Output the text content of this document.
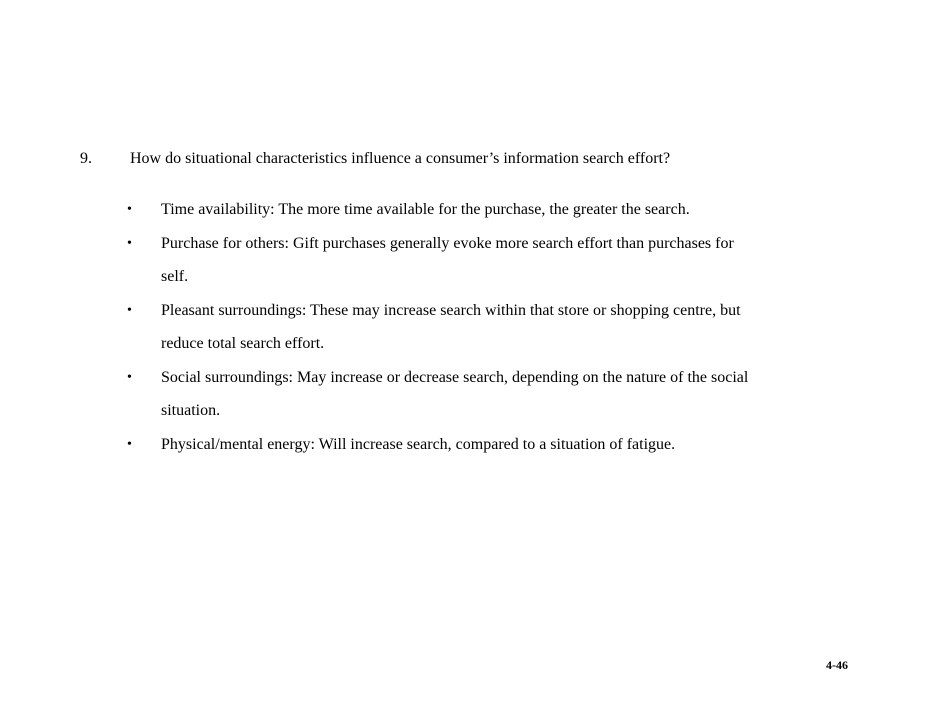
9. How do situational characteristics influence a consumer’s information search effort?
• Time availability: The more time available for the purchase, the greater the search.
• Purchase for others: Gift purchases generally evoke more search effort than purchases for
self.
• Pleasant surroundings: These may increase search within that store or shopping centre, but
reduce total search effort.
• Social surroundings: May increase or decrease search, depending on the nature of the social
situation.
• Physical/mental energy: Will increase search, compared to a situation of fatigue.
4-46
